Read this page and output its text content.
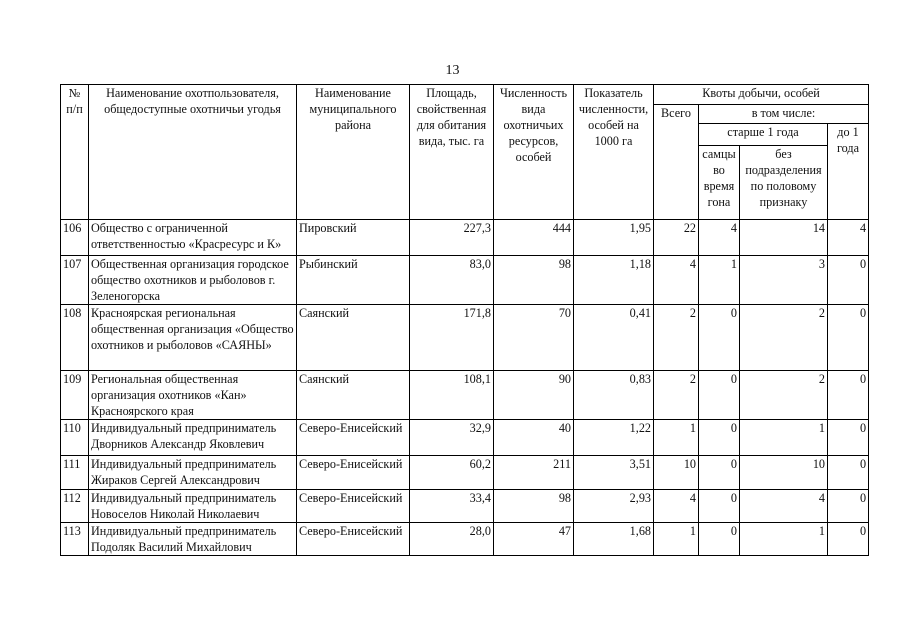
13
№ п/п	Наименование охотпользователя, общедоступные охотничьи угодья	Наименование муниципального района	Площадь, свойственная для обитания вида, тыс. га	Численность вида охотничьих ресурсов, особей	Показатель численности, особей на 1000 га	Квоты добычи, особей			
						Всего	в том числе:		
							старше 1 года		до 1 года
							самцы во время гона	без подразделения по половому признаку	
106	Общество с ограниченной ответственностью «Красресурс и К»	Пировский	227,3	444	1,95	22	4	14	4
107	Общественная организация городское общество охотников и рыболовов г. Зеленогорска	Рыбинский	83,0	98	1,18	4	1	3	0
108	Красноярская региональная общественная организация «Общество охотников и рыболовов «САЯНЫ»	Саянский	171,8	70	0,41	2	0	2	0
109	Региональная общественная организация охотников «Кан» Красноярского края	Саянский	108,1	90	0,83	2	0	2	0
110	Индивидуальный предприниматель Дворников Александр Яковлевич	Северо-Енисейский	32,9	40	1,22	1	0	1	0
111	Индивидуальный предприниматель Жираков Сергей Александрович	Северо-Енисейский	60,2	211	3,51	10	0	10	0
112	Индивидуальный предприниматель Новоселов Николай Николаевич	Северо-Енисейский	33,4	98	2,93	4	0	4	0
113	Индивидуальный предприниматель Подоляк Василий Михайлович	Северо-Енисейский	28,0	47	1,68	1	0	1	0
